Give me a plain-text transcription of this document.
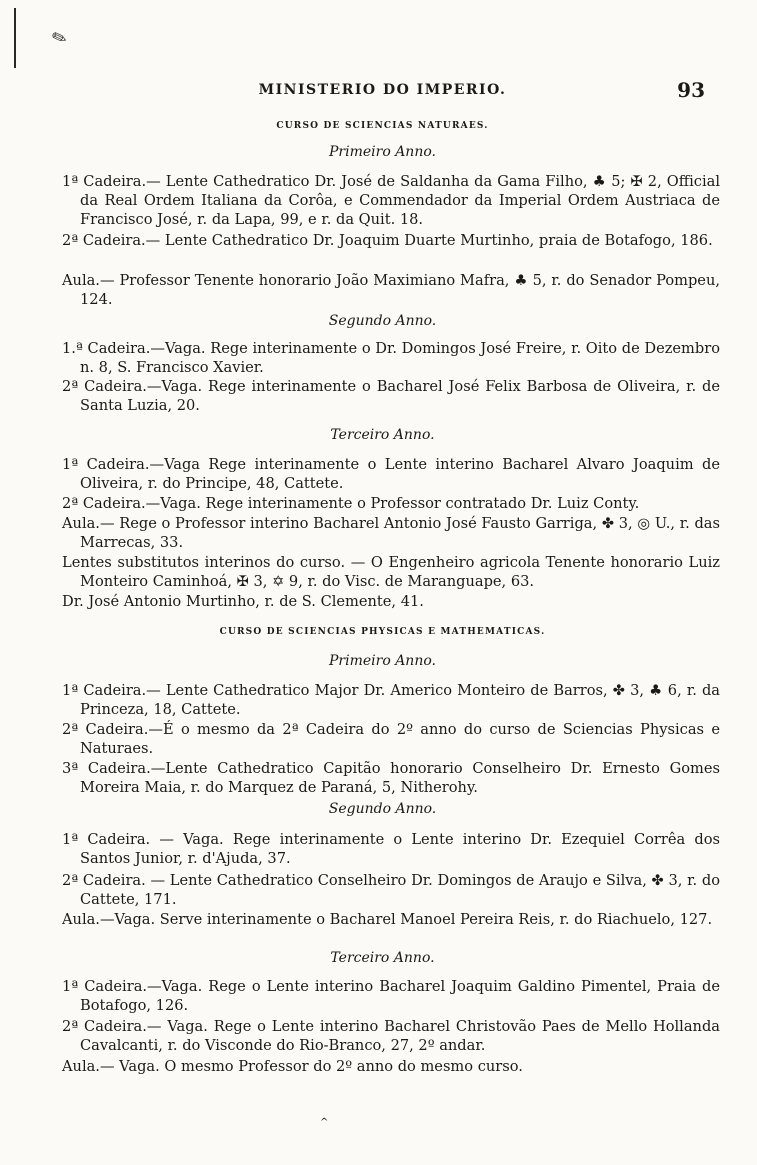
✎
MINISTERIO DO IMPERIO.	93
CURSO DE SCIENCIAS NATURAES.
Primeiro Anno.
1ª Cadeira.— Lente Cathedratico Dr. José de Saldanha da Gama Filho, ♣ 5; ✠ 2, Official da Real Ordem Italiana da Corôa, e Commendador da Imperial Ordem Austriaca de Francisco José, r. da Lapa, 99, e r. da Quit. 18.
2ª Cadeira.— Lente Cathedratico Dr. Joaquim Duarte Murtinho, praia de Botafogo, 186.
Aula.— Professor Tenente honorario João Maximiano Mafra, ♣ 5, r. do Senador Pompeu, 124.
Segundo Anno.
1.ª Cadeira.—Vaga. Rege interinamente o Dr. Domingos José Freire, r. Oito de Dezembro n. 8, S. Francisco Xavier.
2ª Cadeira.—Vaga. Rege interinamente o Bacharel José Felix Barbosa de Oliveira, r. de Santa Luzia, 20.
Terceiro Anno.
1ª Cadeira.—Vaga Rege interinamente o Lente interino Bacharel Alvaro Joaquim de Oliveira, r. do Principe, 48, Cattete.
2ª Cadeira.—Vaga. Rege interinamente o Professor contratado Dr. Luiz Conty.
Aula.— Rege o Professor interino Bacharel Antonio José Fausto Garriga, ✤ 3, ◎ U., r. das Marrecas, 33.
Lentes substitutos interinos do curso. — O Engenheiro agricola Tenente honorario Luiz Monteiro Caminhoá, ✠ 3, ✡ 9, r. do Visc. de Maranguape, 63.
Dr. José Antonio Murtinho, r. de S. Clemente, 41.
CURSO DE SCIENCIAS PHYSICAS E MATHEMATICAS.
Primeiro Anno.
1ª Cadeira.— Lente Cathedratico Major Dr. Americo Monteiro de Barros, ✤ 3, ♣ 6, r. da Princeza, 18, Cattete.
2ª Cadeira.—É o mesmo da 2ª Cadeira do 2º anno do curso de Sciencias Physicas e Naturaes.
3ª Cadeira.—Lente Cathedratico Capitão honorario Conselheiro Dr. Ernesto Gomes Moreira Maia, r. do Marquez de Paraná, 5, Nitherohy.
Segundo Anno.
1ª Cadeira. — Vaga. Rege interinamente o Lente interino Dr. Ezequiel Corrêa dos Santos Junior, r. d'Ajuda, 37.
2ª Cadeira. — Lente Cathedratico Conselheiro Dr. Domingos de Araujo e Silva, ✤ 3, r. do Cattete, 171.
Aula.—Vaga. Serve interinamente o Bacharel Manoel Pereira Reis, r. do Riachuelo, 127.
Terceiro Anno.
1ª Cadeira.—Vaga. Rege o Lente interino Bacharel Joaquim Galdino Pimentel, Praia de Botafogo, 126.
2ª Cadeira.— Vaga. Rege o Lente interino Bacharel Christovão Paes de Mello Hollanda Cavalcanti, r. do Visconde do Rio-Branco, 27, 2º andar.
Aula.— Vaga. O mesmo Professor do 2º anno do mesmo curso.
^
